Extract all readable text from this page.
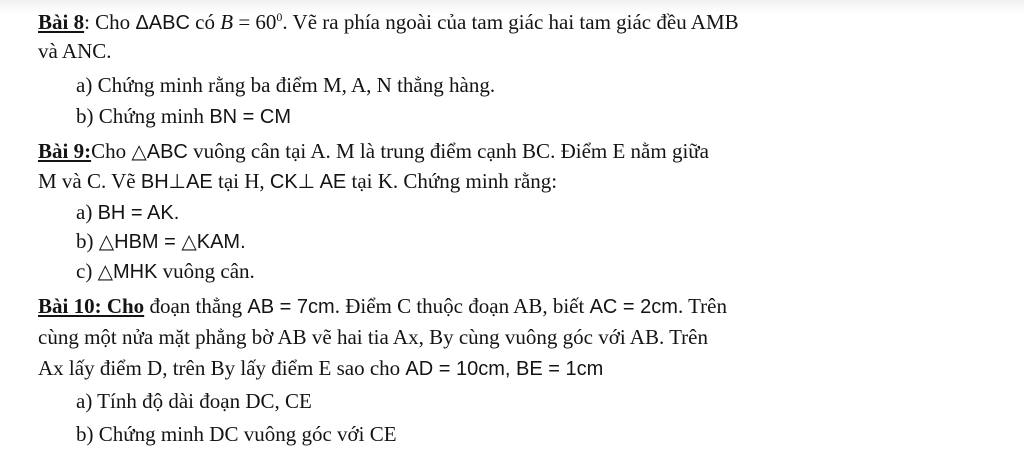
Bài 8: Cho ΔABC có $B = 60^0$. Vẽ ra phía ngoài của tam giác hai tam giác đều AMB
và ANC.
a) Chứng minh rằng ba điểm M, A, N thẳng hàng.
b) Chứng minh BN = CM
Bài 9:Cho △ABC vuông cân tại A. M là trung điểm cạnh BC. Điểm E nằm giữa
M và C. Vẽ BH⊥AE tại H, CK⊥ AE tại K. Chứng minh rằng:
a) BH = AK.
b) △HBM = △KAM.
c) △MHK vuông cân.
Bài 10: Cho đoạn thẳng AB = 7cm. Điểm C thuộc đoạn AB, biết AC = 2cm. Trên
cùng một nửa mặt phẳng bờ AB vẽ hai tia Ax, By cùng vuông góc với AB. Trên
Ax lấy điểm D, trên By lấy điểm E sao cho AD = 10cm, BE = 1cm
a) Tính độ dài đoạn DC, CE
b) Chứng minh DC vuông góc với CE
